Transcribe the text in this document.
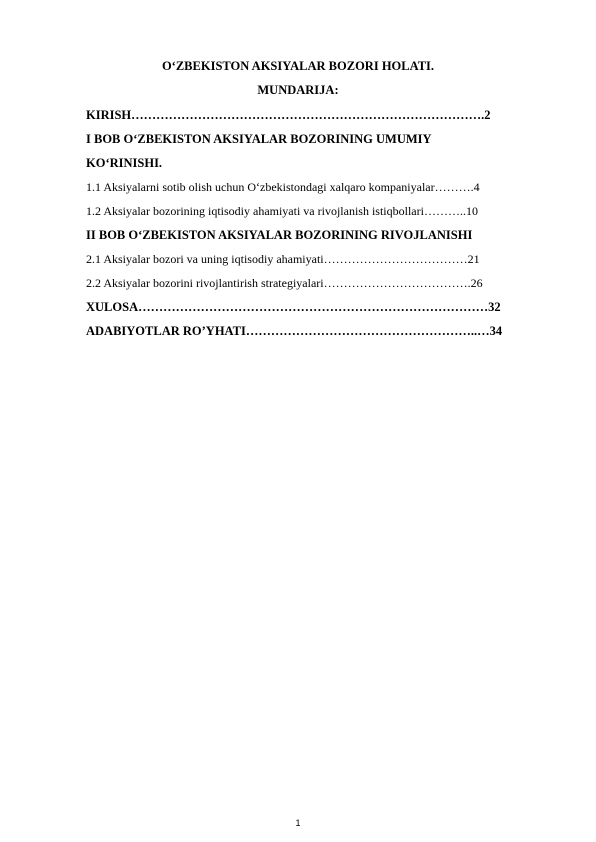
O‘ZBEKISTON AKSIYALAR BOZORI HOLATI.
MUNDARIJA:
KIRISH………………………………………………………………………….2
I BOB O‘ZBEKISTON AKSIYALAR BOZORINING UMUMIY
KO‘RINISHI.
1.1 Aksiyalarni sotib olish uchun O‘zbekistondagi xalqaro kompaniyalar……….4
1.2 Aksiyalar bozorining iqtisodiy ahamiyati va rivojlanish istiqbollari………..10
II BOB O‘ZBEKISTON AKSIYALAR BOZORINING RIVOJLANISHI
2.1 Aksiyalar bozori va uning iqtisodiy ahamiyati………………………………21
2.2 Aksiyalar bozorini rivojlantirish strategiyalari……………………………….26
XULOSA…………………………………………………………………………32
ADABIYOTLAR RO’YHATI………………………………………………..…34
1
